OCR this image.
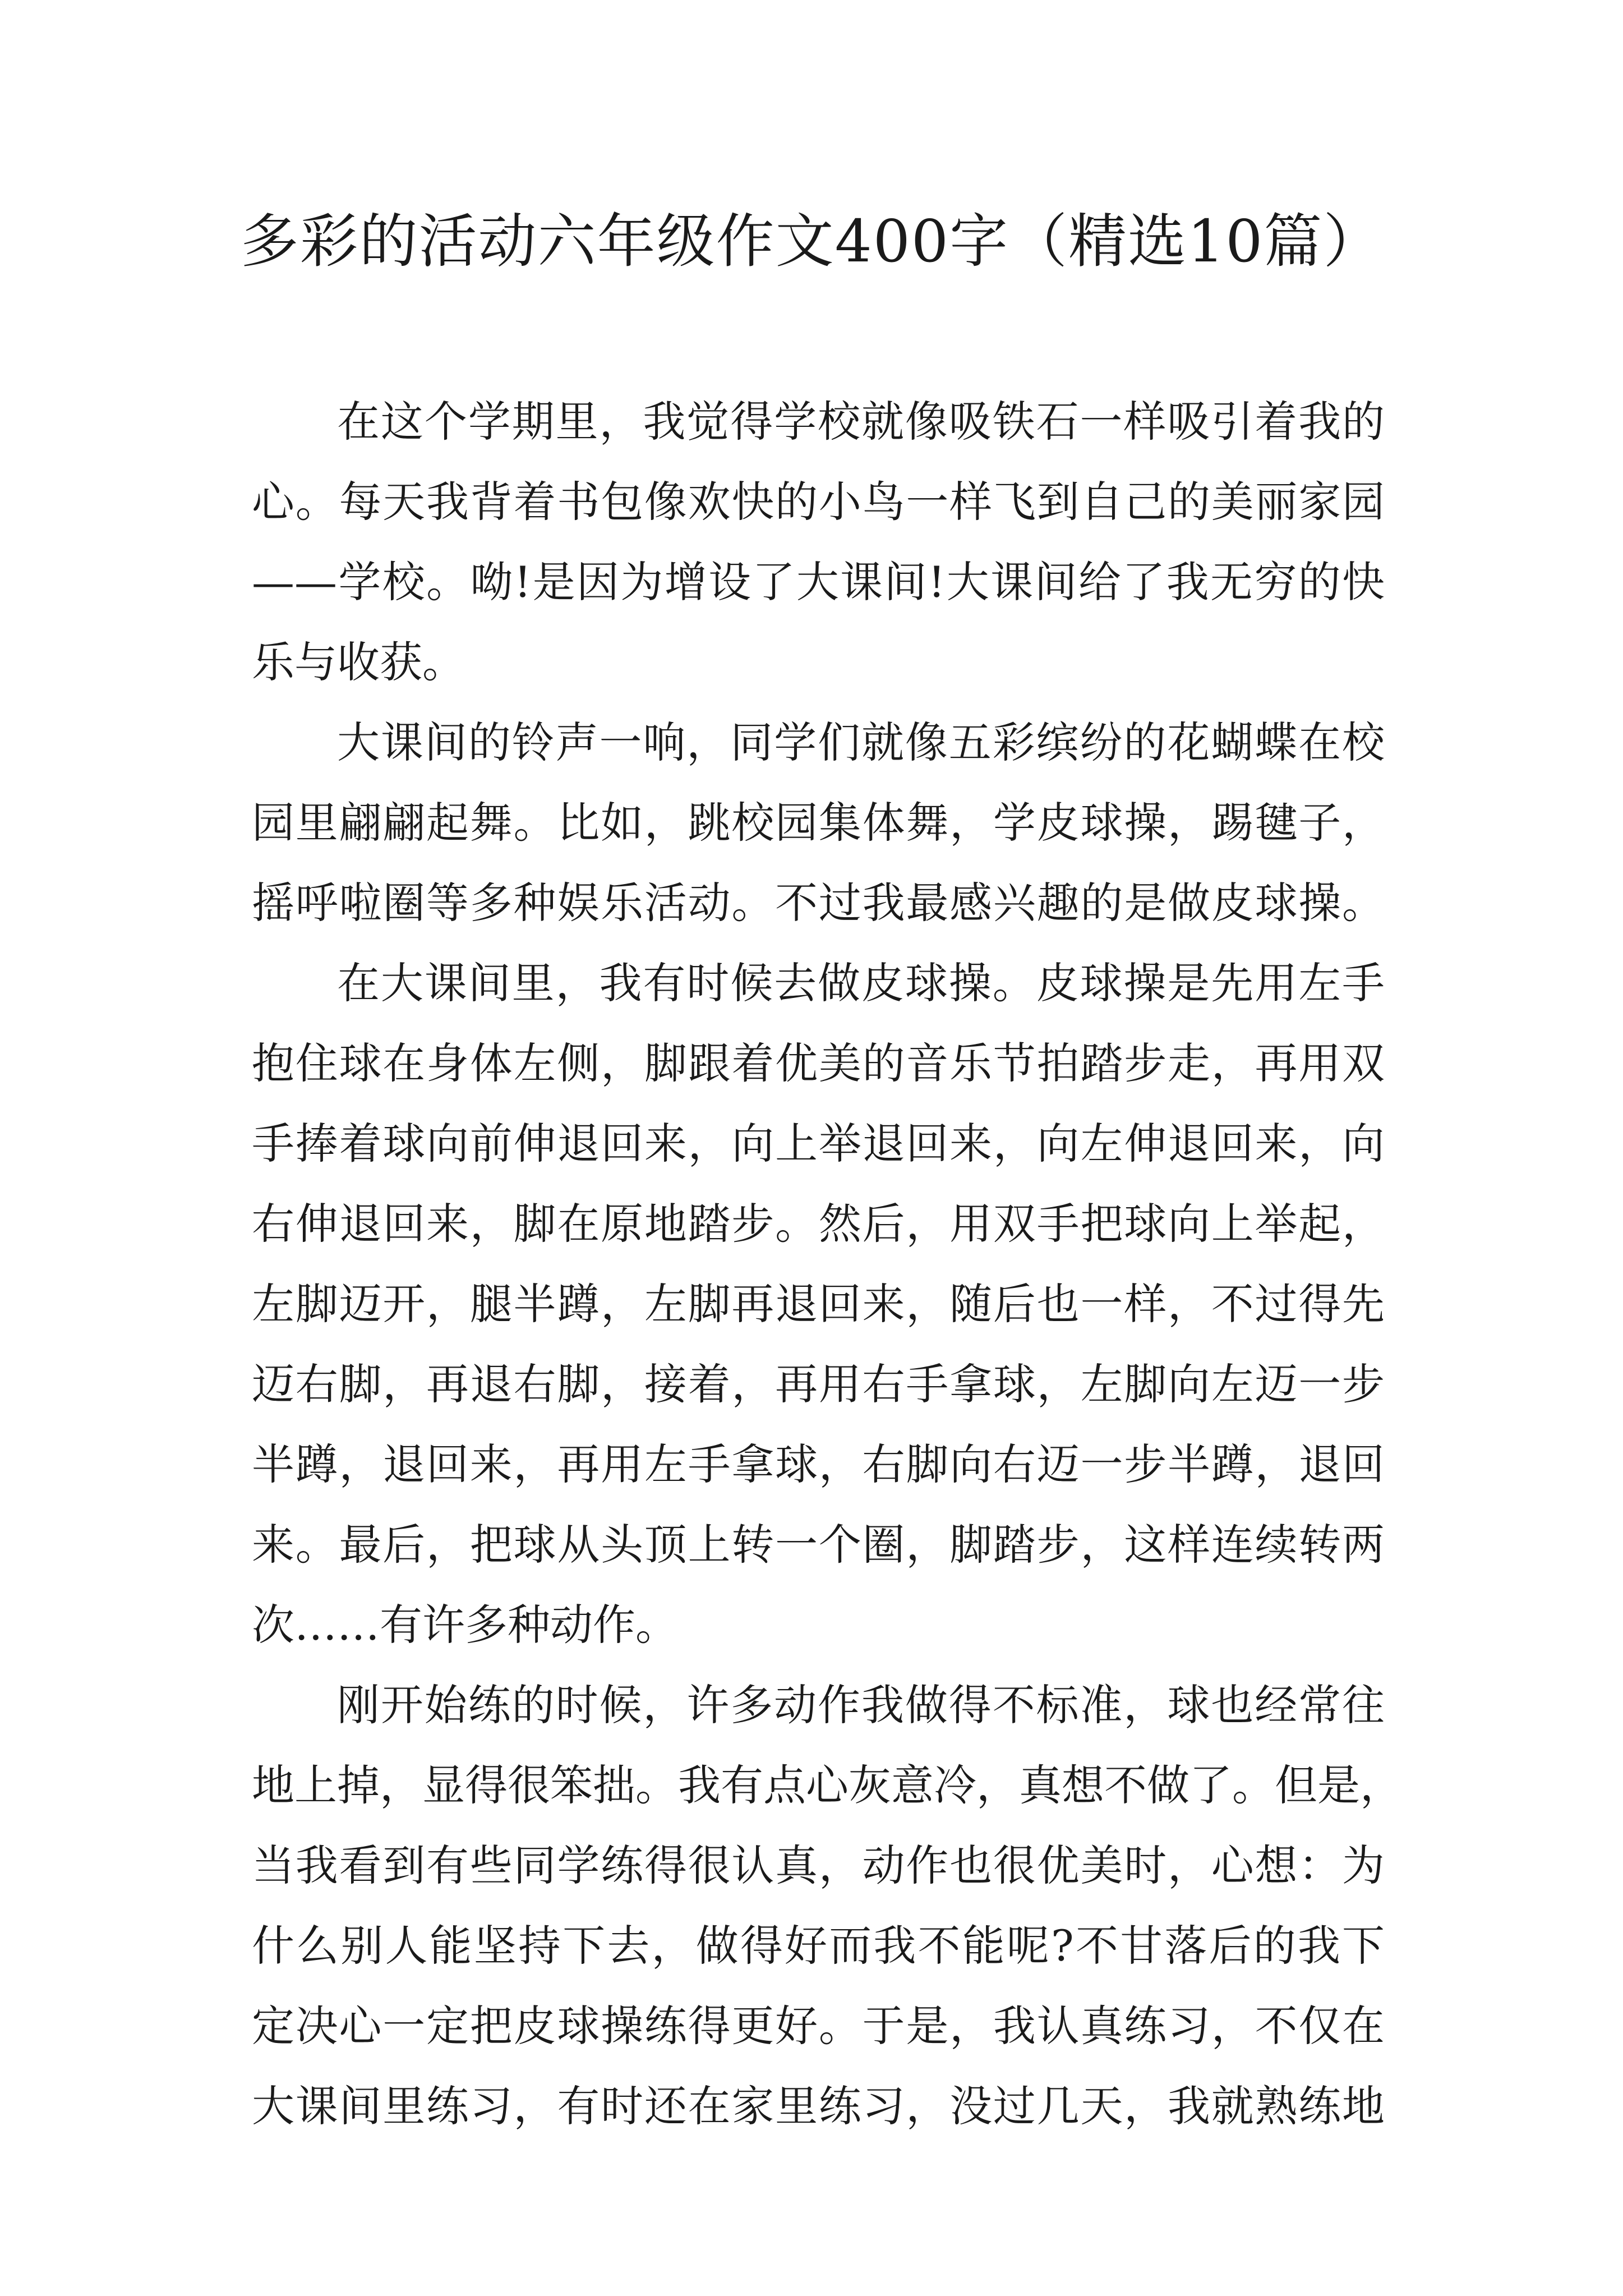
多彩的活动六年级作文400字（精选10篇）
在这个学期里，我觉得学校就像吸铁石一样吸引着我的
心。每天我背着书包像欢快的小鸟一样飞到自己的美丽家园
——学校。呦!是因为增设了大课间!大课间给了我无穷的快
乐与收获。
大课间的铃声一响，同学们就像五彩缤纷的花蝴蝶在校
园里翩翩起舞。比如，跳校园集体舞，学皮球操，踢毽子，
摇呼啦圈等多种娱乐活动。不过我最感兴趣的是做皮球操。
在大课间里，我有时候去做皮球操。皮球操是先用左手
抱住球在身体左侧，脚跟着优美的音乐节拍踏步走，再用双
手捧着球向前伸退回来，向上举退回来，向左伸退回来，向
右伸退回来，脚在原地踏步。然后，用双手把球向上举起，
左脚迈开，腿半蹲，左脚再退回来，随后也一样，不过得先
迈右脚，再退右脚，接着，再用右手拿球，左脚向左迈一步
半蹲，退回来，再用左手拿球，右脚向右迈一步半蹲，退回
来。最后，把球从头顶上转一个圈，脚踏步，这样连续转两
次……有许多种动作。
刚开始练的时候，许多动作我做得不标准，球也经常往
地上掉，显得很笨拙。我有点心灰意冷，真想不做了。但是，
当我看到有些同学练得很认真，动作也很优美时，心想：为
什么别人能坚持下去，做得好而我不能呢?不甘落后的我下
定决心一定把皮球操练得更好。于是，我认真练习，不仅在
大课间里练习，有时还在家里练习，没过几天，我就熟练地
